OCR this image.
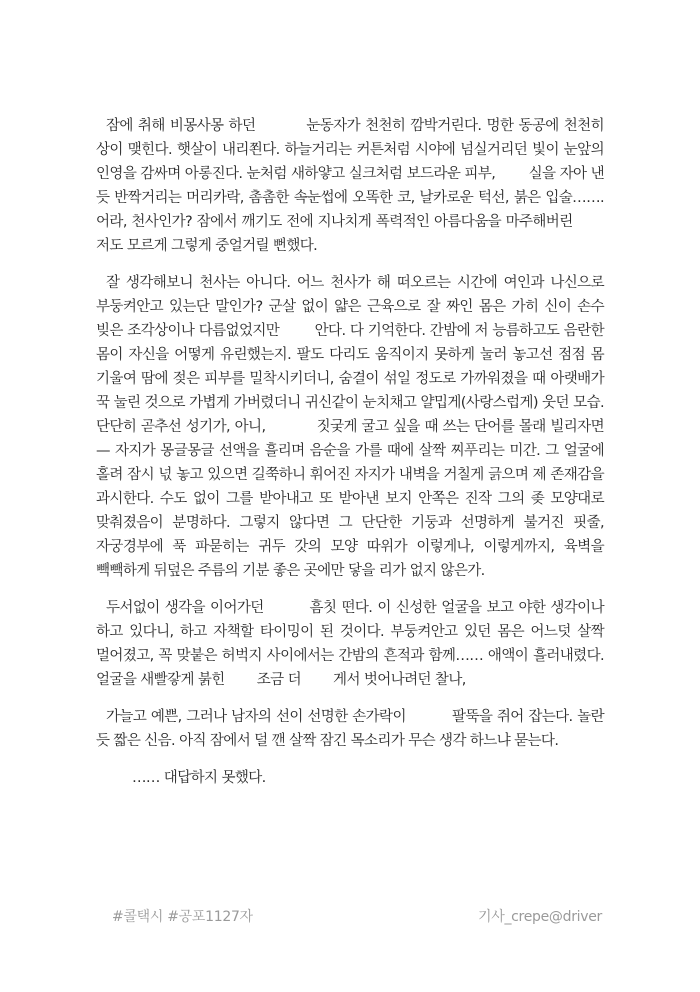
잠에 취해 비몽사몽 하던 ​ ​ ​ ​ ​ ​ ​ ​ ​ 눈동자가 천천히 깜박거린다. 멍한 동공에 천천히 상이 맺힌다. 햇살이 내리쬔다. 하늘거리는 커튼처럼 시야에 넘실거리던 빛이 눈앞의 인영을 감싸며 아롱진다. 눈처럼 새하얗고 실크처럼 보드라운 피부, ​ ​ ​ ​ ​ ​ ​ 실을 자아 낸 듯 반짝거리는 머리카락, 촘촘한 속눈썹에 오똑한 코, 날카로운 턱선, 붉은 입술……. 어라, 천사인가? 잠에서 깨기도 전에 지나치게 폭력적인 아름다움을 마주해버린 ​ ​ ​ ​ ​ ​ ​ 저도 모르게 그렇게 중얼거릴 뻔했다.

잘 생각해보니 천사는 아니다. 어느 천사가 해 떠오르는 시간에 여인과 나신으로 부둥켜안고 있는단 말인가? 군살 없이 얇은 근육으로 잘 짜인 몸은 가히 신이 손수 빚은 조각상이나 다름없었지만 ​ ​ ​ ​ ​ ​ ​ 안다. 다 기억한다. 간밤에 저 능름하고도 음란한 몸이 자신을 어떻게 유린했는지. 팔도 다리도 움직이지 못하게 눌러 놓고선 점점 몸 기울여 땀에 젖은 피부를 밀착시키더니, 숨결이 섞일 정도로 가까워졌을 때 아랫배가 꾹 눌린 것으로 가볍게 가버렸더니 귀신같이 눈치채고 얄밉게(사랑스럽게) 웃던 모습. 단단히 곧추선 성기가, 아니, ​ ​ ​ ​ ​ ​ ​ ​ ​ ​ 짓궂게 굴고 싶을 때 쓰는 단어를 몰래 빌리자면— 자지가 몽글몽글 선액을 흘리며 음순을 가를 때에 살짝 찌푸리는 미간. 그 얼굴에 홀려 잠시 넋 놓고 있으면 길쭉하니 휘어진 자지가 내벽을 거칠게 긁으며 제 존재감을 과시한다. 수도 없이 그를 받아내고 또 받아낸 보지 안쪽은 진작 그의 좆 모양대로 맞춰졌음이 분명하다. 그렇지 않다면 그 단단한 기둥과 선명하게 불거진 핏줄, 자궁경부에 푹 파묻히는 귀두 갓의 모양 따위가 이렇게나, 이렇게까지, 육벽을 빽빽하게 뒤덮은 주름의 기분 좋은 곳에만 닿을 리가 없지 않은가.

두서없이 생각을 이어가던 ​ ​ ​ ​ ​ ​ ​ ​ 흠칫 떤다. 이 신성한 얼굴을 보고 야한 생각이나 하고 있다니, 하고 자책할 타이밍이 된 것이다. 부둥켜안고 있던 몸은 어느덧 살짝 멀어졌고, 꼭 맞붙은 허벅지 사이에서는 간밤의 흔적과 함께…… 애액이 흘러내렸다. 얼굴을 새빨갛게 붉힌 ​ ​ ​ ​ ​ ​ ​ 조금 더 ​ ​ ​ ​ ​ ​ ​ 게서 벗어나려던 찰나,

가늘고 예쁜, 그러나 남자의 선이 선명한 손가락이 ​ ​ ​ ​ ​ ​ ​ ​ ​ 팔뚝을 쥐어 잡는다. 놀란 듯 짧은 신음. 아직 잠에서 덜 깬 살짝 잠긴 목소리가 무슨 생각 하느냐 묻는다.

…… 대답하지 못했다.

#콜택시 #공포1127자	기사_crepe@driver
